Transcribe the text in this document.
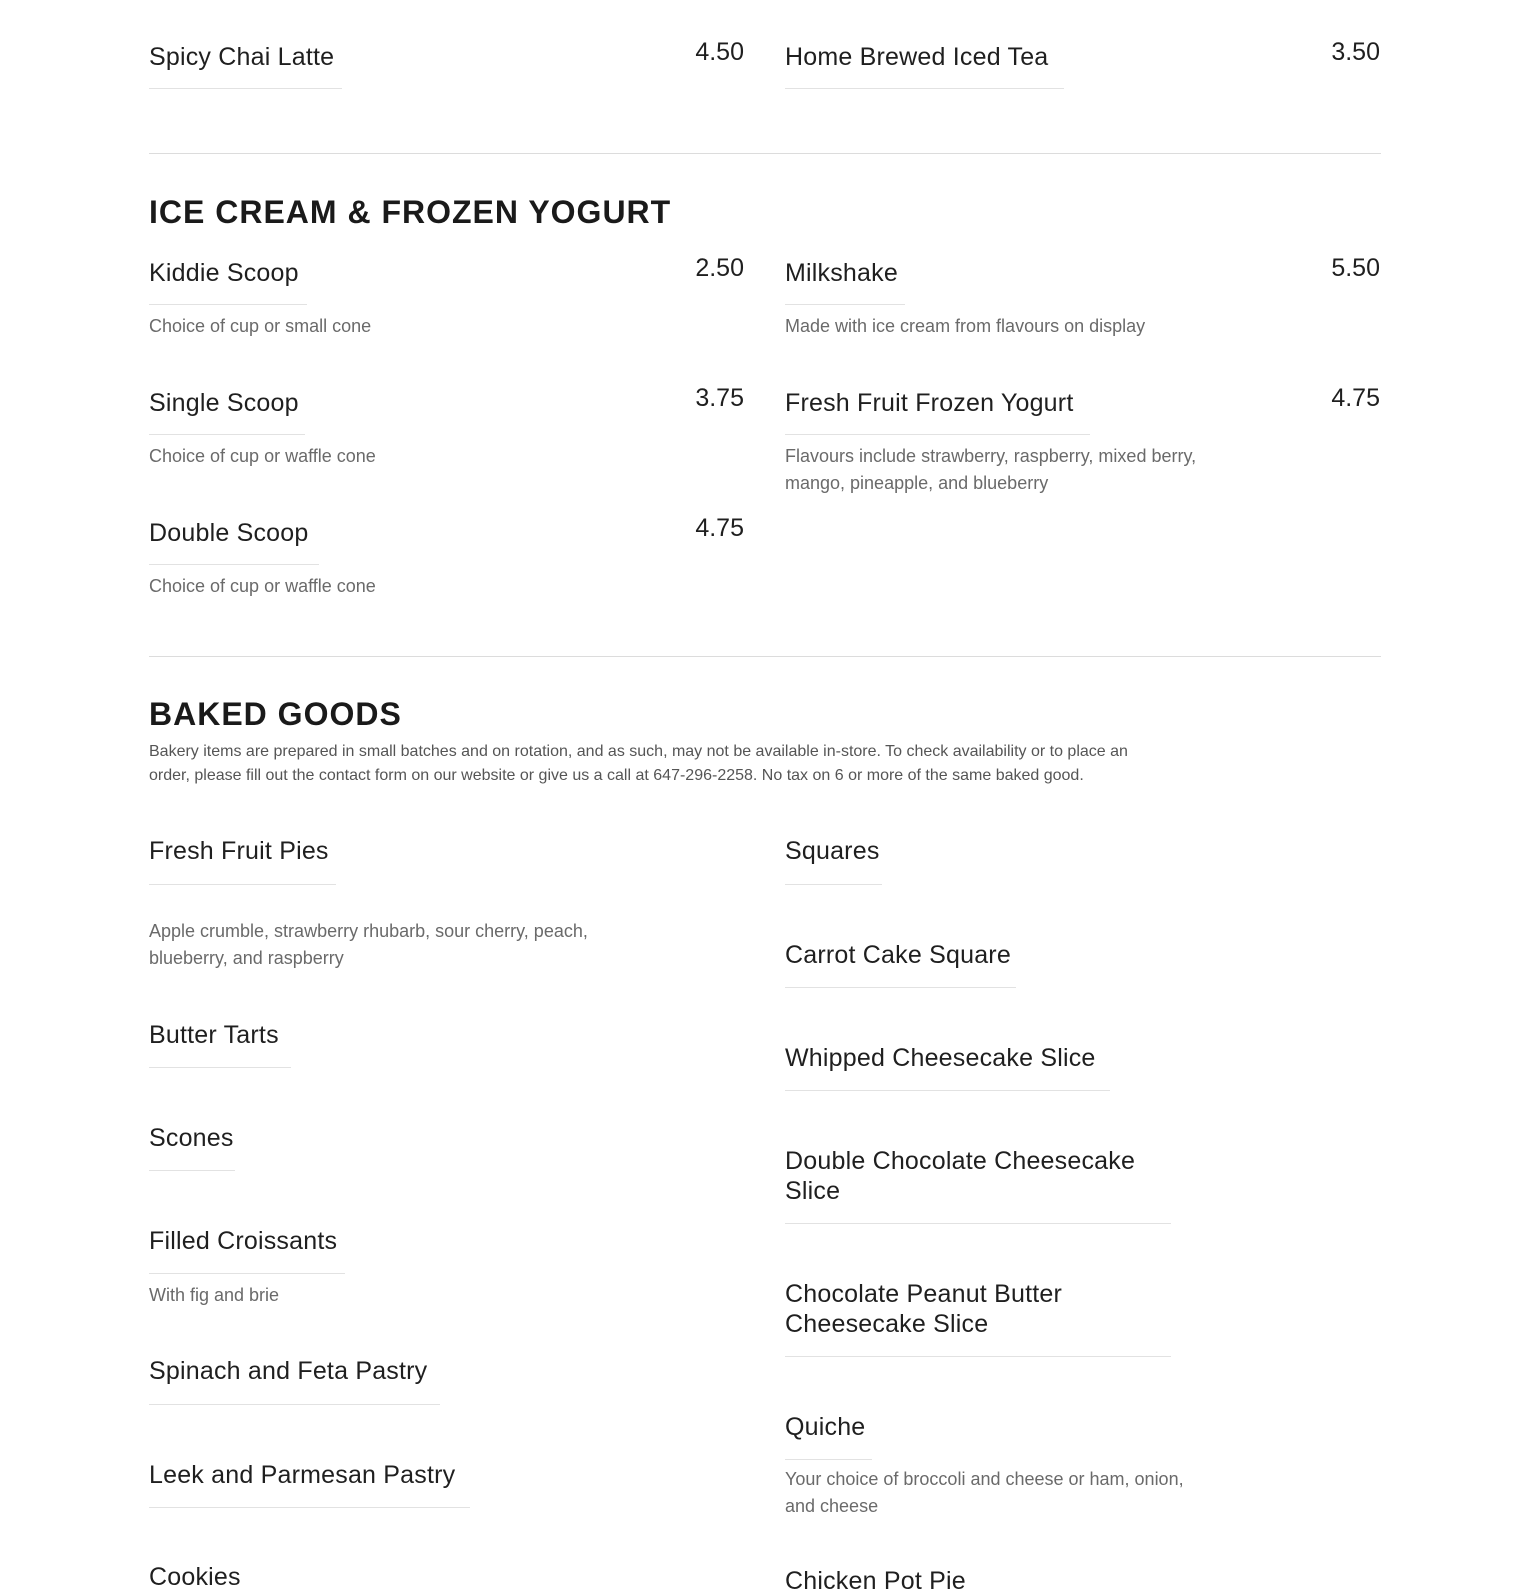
Spicy Chai Latte	4.50 Home Brewed Iced Tea	3.50
ICE CREAM & FROZEN YOGURT
Kiddie Scoop	2.50
Choice of cup or small cone
Milkshake	5.50
Made with ice cream from flavours on display
Single Scoop	3.75
Choice of cup or waffle cone
Fresh Fruit Frozen Yogurt	4.75
Flavours include strawberry, raspberry, mixed berry, mango, pineapple, and blueberry
Double Scoop	4.75
Choice of cup or waffle cone
BAKED GOODS
Bakery items are prepared in small batches and on rotation, and as such, may not be available in-store. To check availability or to place an order, please fill out the contact form on our website or give us a call at 647-296-2258. No tax on 6 or more of the same baked good.
Fresh Fruit Pies
Apple crumble, strawberry rhubarb, sour cherry, peach, blueberry, and raspberry
Butter Tarts
Scones
Filled Croissants
With fig and brie
Spinach and Feta Pastry
Leek and Parmesan Pastry
Cookies
Squares
Carrot Cake Square
Whipped Cheesecake Slice
Double Chocolate Cheesecake Slice
Chocolate Peanut Butter Cheesecake Slice
Quiche
Your choice of broccoli and cheese or ham, onion, and cheese
Chicken Pot Pie
